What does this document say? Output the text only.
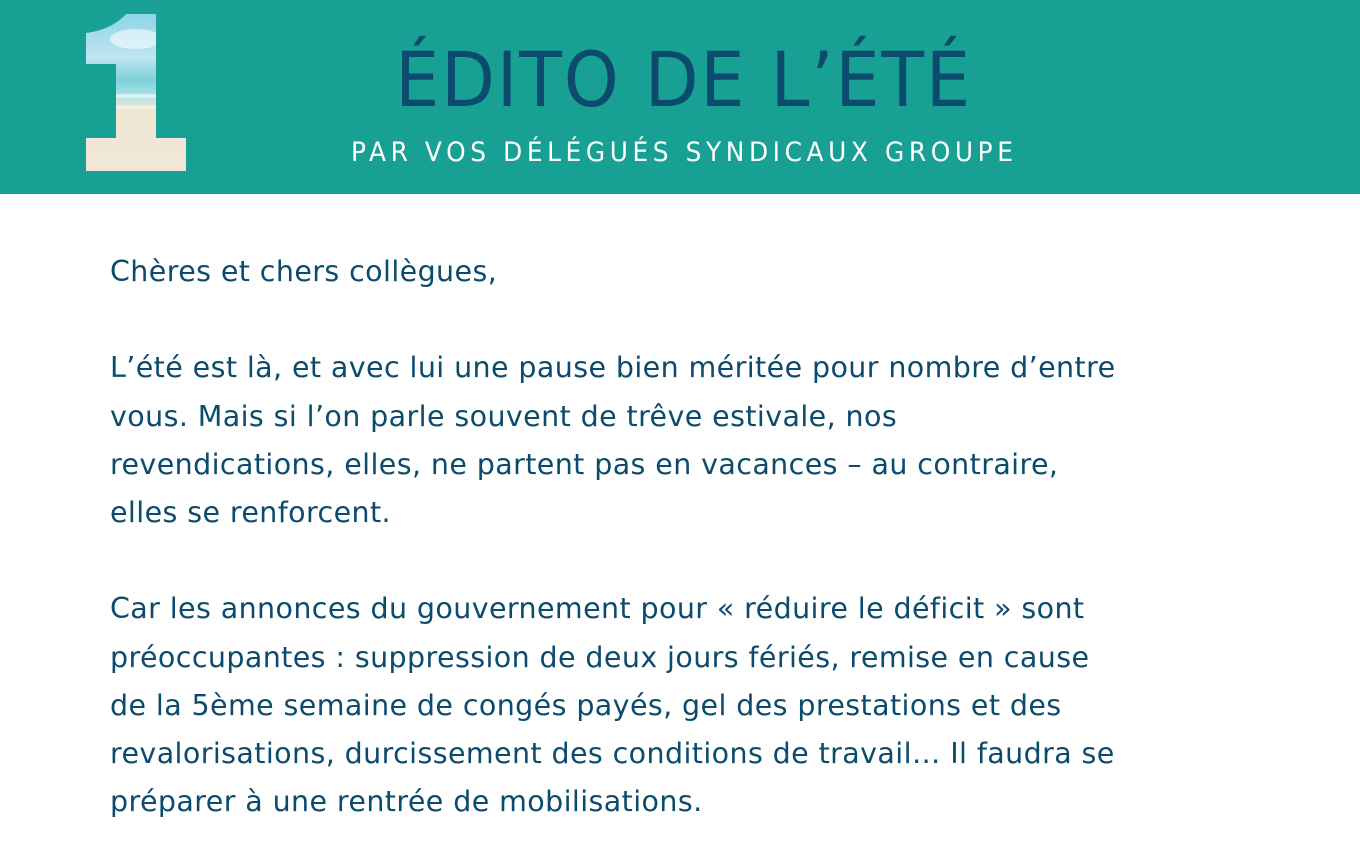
ÉDITO DE L’ÉTÉ
PAR VOS DÉLÉGUÉS SYNDICAUX GROUPE

Chères et chers collègues,

L’été est là, et avec lui une pause bien méritée pour nombre d’entre
vous. Mais si l’on parle souvent de trêve estivale, nos
revendications, elles, ne partent pas en vacances – au contraire,
elles se renforcent.

Car les annonces du gouvernement pour « réduire le déficit » sont
préoccupantes : suppression de deux jours fériés, remise en cause
de la 5ème semaine de congés payés, gel des prestations et des
revalorisations, durcissement des conditions de travail… Il faudra se
préparer à une rentrée de mobilisations.
